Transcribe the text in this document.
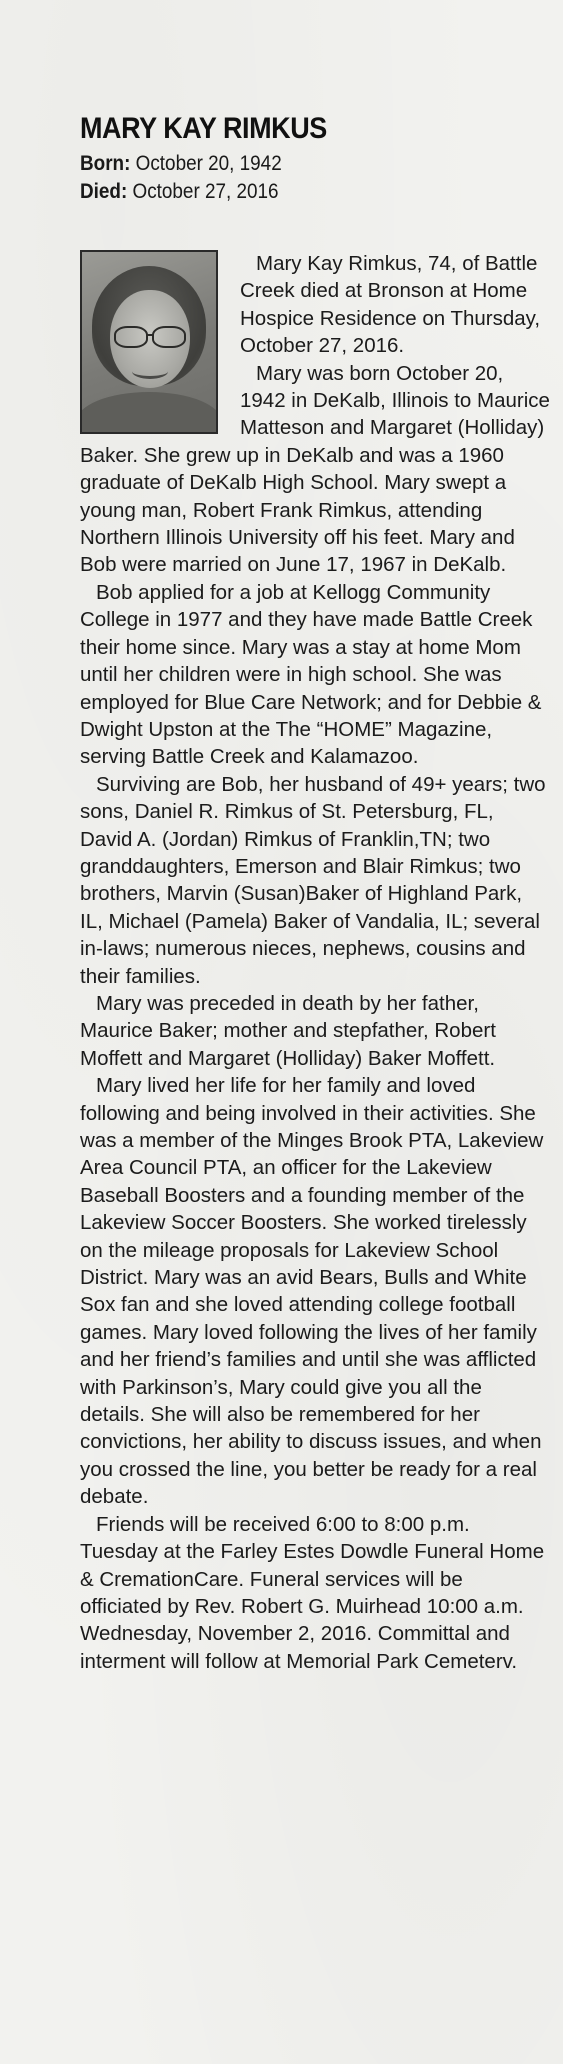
MARY KAY RIMKUS
Born: October 20, 1942
Died: October 27, 2016

Mary Kay Rimkus, 74, of Battle Creek died at Bronson at Home Hospice Residence on Thursday, October 27, 2016.

Mary was born October 20, 1942 in DeKalb, Illinois to Maurice Matteson and Margaret (Holliday) Baker. She grew up in DeKalb and was a 1960 graduate of DeKalb High School. Mary swept a young man, Robert Frank Rimkus, attending Northern Illinois University off his feet. Mary and Bob were married on June 17, 1967 in DeKalb.

Bob applied for a job at Kellogg Community College in 1977 and they have made Battle Creek their home since. Mary was a stay at home Mom until her children were in high school. She was employed for Blue Care Network; and for Debbie & Dwight Upston at the The “HOME” Magazine, serving Battle Creek and Kalamazoo.

Surviving are Bob, her husband of 49+ years; two sons, Daniel R. Rimkus of St. Petersburg, FL, David A. (Jordan) Rimkus of Franklin,TN; two granddaughters, Emerson and Blair Rimkus; two brothers, Marvin (Susan)Baker of Highland Park, IL, Michael (Pamela) Baker of Vandalia, IL; several in-laws; numerous nieces, nephews, cousins and their families.

Mary was preceded in death by her father, Maurice Baker; mother and stepfather, Robert Moffett and Margaret (Holliday) Baker Moffett.

Mary lived her life for her family and loved following and being involved in their activities. She was a member of the Minges Brook PTA, Lakeview Area Council PTA, an officer for the Lakeview Baseball Boosters and a founding member of the Lakeview Soccer Boosters. She worked tirelessly on the mileage proposals for Lakeview School District. Mary was an avid Bears, Bulls and White Sox fan and she loved attending college football games. Mary loved following the lives of her family and her friend’s families and until she was afflicted with Parkinson’s, Mary could give you all the details. She will also be remembered for her convictions, her ability to discuss issues, and when you crossed the line, you better be ready for a real debate.

Friends will be received 6:00 to 8:00 p.m. Tuesday at the Farley Estes Dowdle Funeral Home & CremationCare. Funeral services will be officiated by Rev. Robert G. Muirhead 10:00 a.m. Wednesday, November 2, 2016. Committal and interment will follow at Memorial Park Cemeterv.
